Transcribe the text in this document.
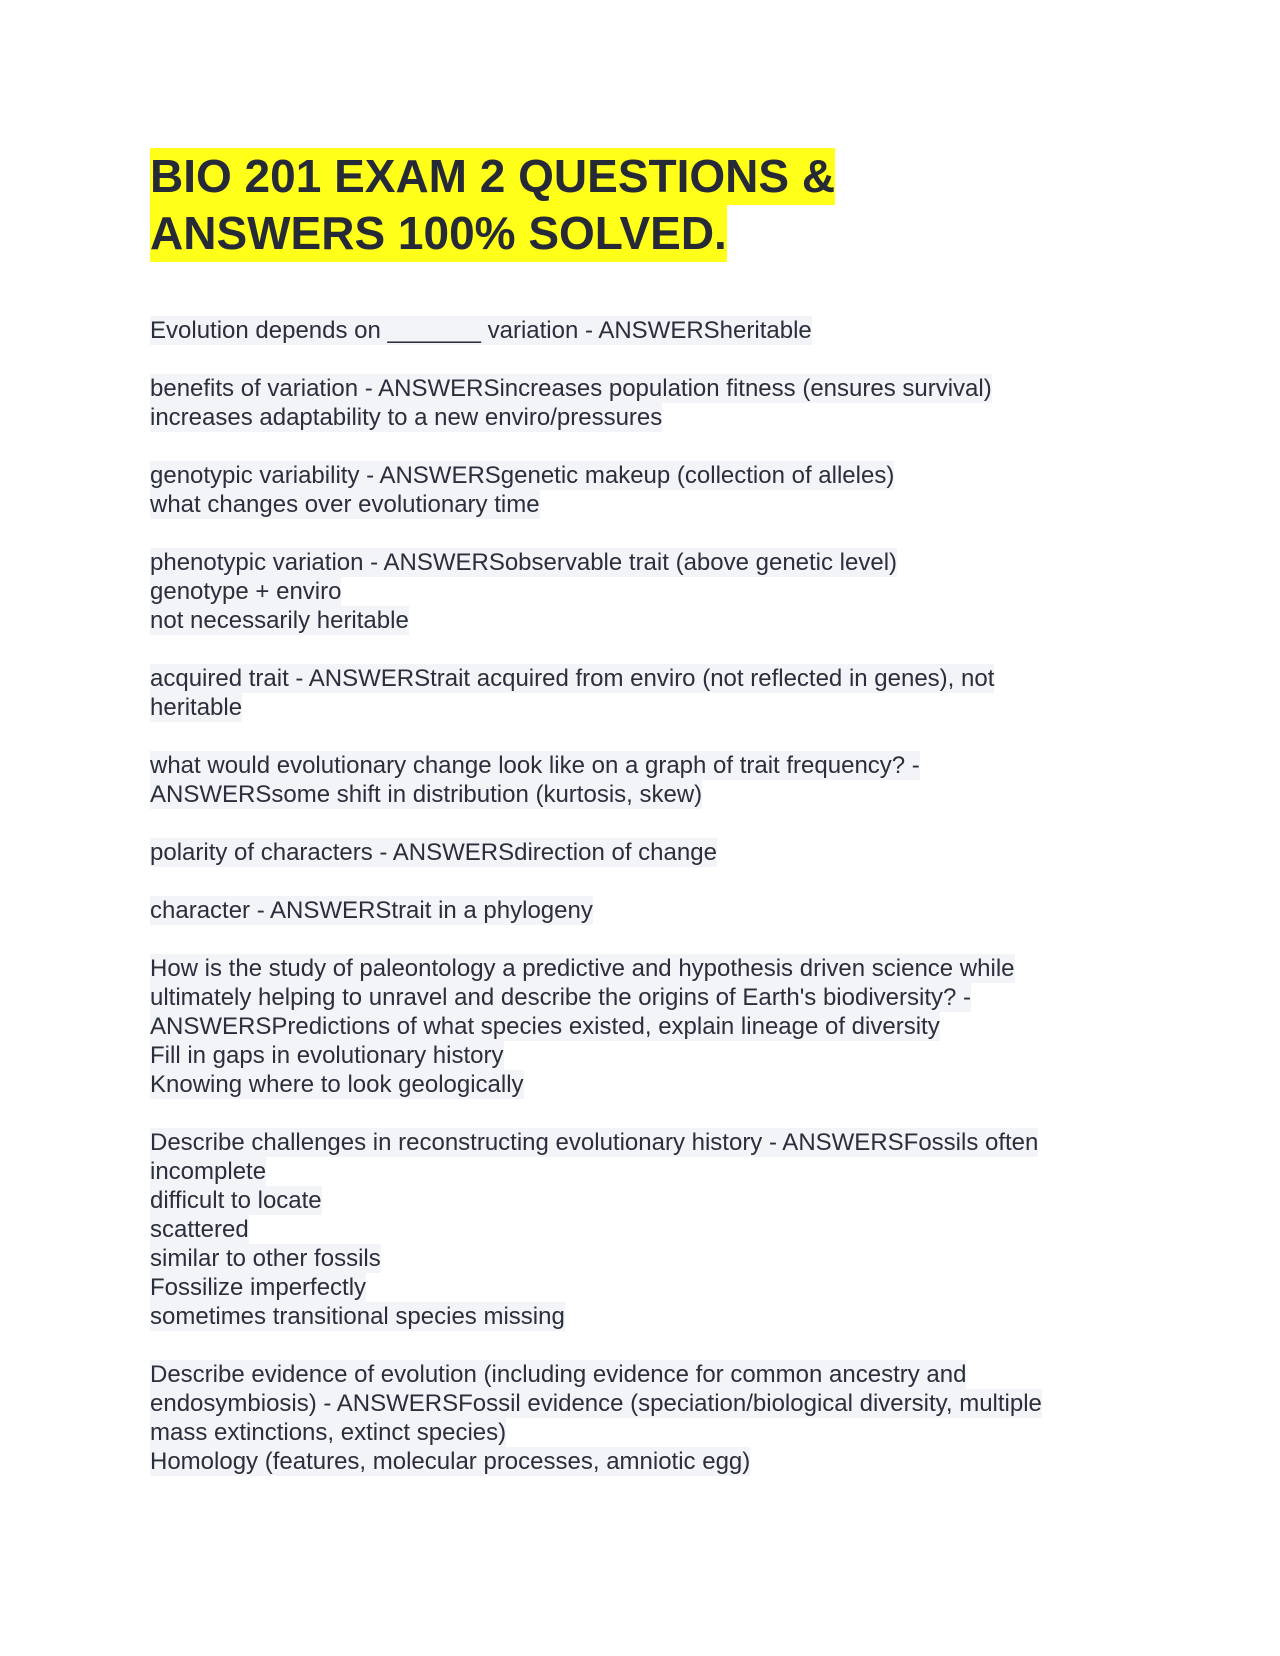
BIO 201 EXAM 2 QUESTIONS &
ANSWERS 100% SOLVED.
Evolution depends on _______ variation - ANSWERSheritable
benefits of variation - ANSWERSincreases population fitness (ensures survival)
increases adaptability to a new enviro/pressures
genotypic variability - ANSWERSgenetic makeup (collection of alleles)
what changes over evolutionary time
phenotypic variation - ANSWERSobservable trait (above genetic level)
genotype + enviro
not necessarily heritable
acquired trait - ANSWERStrait acquired from enviro (not reflected in genes), not
heritable
what would evolutionary change look like on a graph of trait frequency? -
ANSWERSsome shift in distribution (kurtosis, skew)
polarity of characters - ANSWERSdirection of change
character - ANSWERStrait in a phylogeny
How is the study of paleontology a predictive and hypothesis driven science while
ultimately helping to unravel and describe the origins of Earth's biodiversity? -
ANSWERSPredictions of what species existed, explain lineage of diversity
Fill in gaps in evolutionary history
Knowing where to look geologically
Describe challenges in reconstructing evolutionary history - ANSWERSFossils often
incomplete
difficult to locate
scattered
similar to other fossils
Fossilize imperfectly
sometimes transitional species missing
Describe evidence of evolution (including evidence for common ancestry and
endosymbiosis) - ANSWERSFossil evidence (speciation/biological diversity, multiple
mass extinctions, extinct species)
Homology (features, molecular processes, amniotic egg)
